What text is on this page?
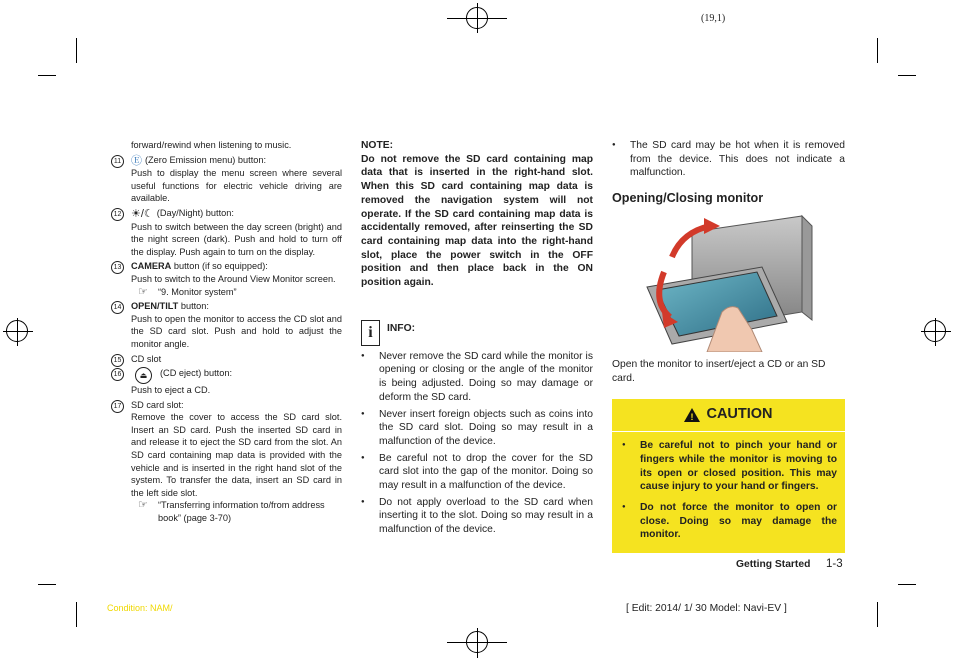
(19,1)
forward/rewind when listening to music.
11 Ⓔ (Zero Emission menu) button:
Push to display the menu screen where several useful functions for electric vehicle driving are available.
12 ☀/☾ (Day/Night) button:
Push to switch between the day screen (bright) and the night screen (dark). Push and hold to turn off the display. Push again to turn on the display.
13 CAMERA button (if so equipped):
Push to switch to the Around View Monitor screen.
☞ “9. Monitor system”
14 OPEN/TILT button:
Push to open the monitor to access the CD slot and the SD card slot. Push and hold to adjust the monitor angle.
15 CD slot
16	⏏ (CD eject) button:
Push to eject a CD.
17 SD card slot:
Remove the cover to access the SD card slot. Insert an SD card. Push the inserted SD card in and release it to eject the SD card from the slot. An SD card containing map data is provided with the vehicle and is inserted in the right hand slot of the system. To transfer the data, insert an SD card in the left side slot.
☞ “Transferring information to/from address book” (page 3-70)
NOTE:
Do not remove the SD card containing map data that is inserted in the right-hand slot. When this SD card containing map data is removed the navigation system will not operate. If the SD card containing map data is accidentally removed, after reinserting the SD card containing map data into the right-hand slot, place the power switch in the OFF position and then place back in the ON position again.
i	INFO:
● Never remove the SD card while the monitor is opening or closing or the angle of the monitor is being adjusted. Doing so may damage or deform the SD card.
● Never insert foreign objects such as coins into the SD card slot. Doing so may result in a malfunction of the device.
● Be careful not to drop the cover for the SD card slot into the gap of the monitor. Doing so may result in a malfunction of the device.
● Do not apply overload to the SD card when inserting it to the slot. Doing so may result in a malfunction of the device.
● The SD card may be hot when it is removed from the device. This does not indicate a malfunction.
Opening/Closing monitor
Open the monitor to insert/eject a CD or an SD card.
! CAUTION
● Be careful not to pinch your hand or fingers while the monitor is moving to its open or closed position. This may cause injury to your hand or fingers.
● Do not force the monitor to open or close. Doing so may damage the monitor.
Getting Started 1-3
Condition: NAM/	[ Edit: 2014/ 1/ 30 Model: Navi-EV ]
